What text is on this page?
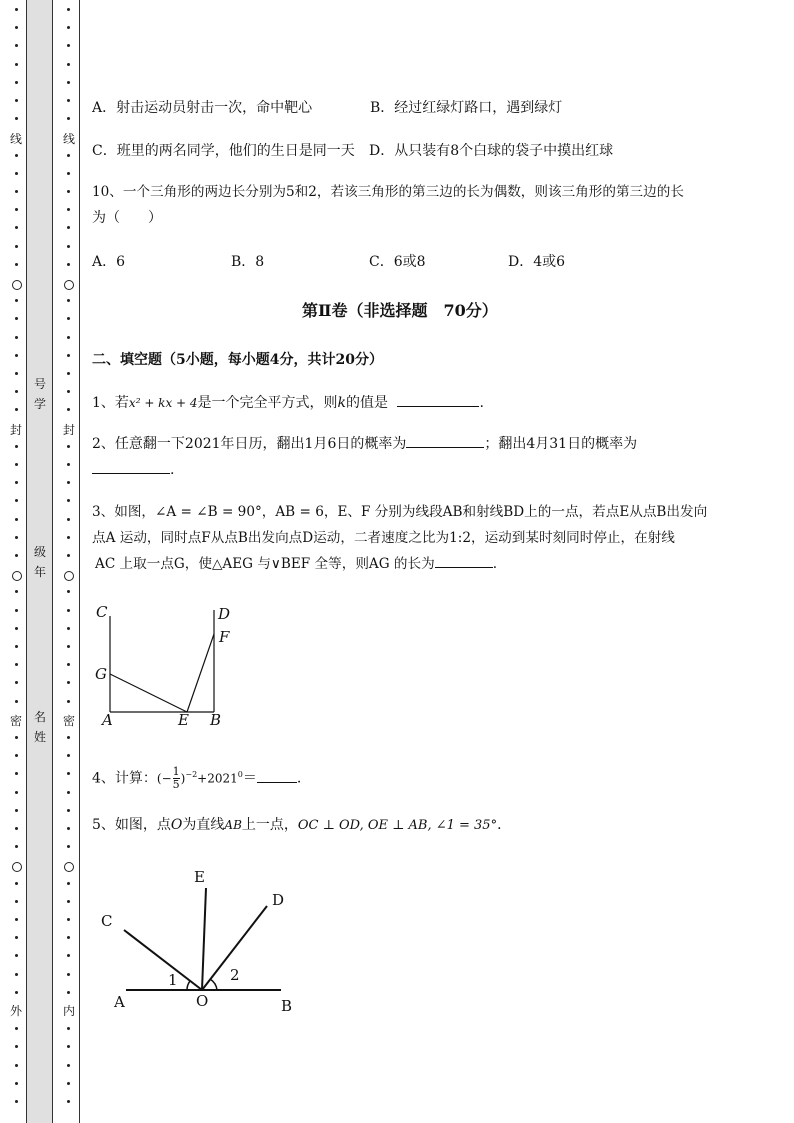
线
封
密
外
线
封
密
内
号
学
级
年
名
姓
A．射击运动员射击一次，命中靶心	B．经过红绿灯路口，遇到绿灯
C．班里的两名同学，他们的生日是同一天 D．从只装有8个白球的袋子中摸出红球
10、一个三角形的两边长分别为5和2，若该三角形的第三边的长为偶数，则该三角形的第三边的长
为（　　）
A．6	B．8	C．6或8	D．4或6
第Ⅱ卷（非选择题　70分）
二、填空题（5小题，每小题4分，共计20分）
1、若x² + kx + 4是一个完全平方式，则k的值是	.
2、任意翻一下2021年日历，翻出1月6日的概率为	；翻出4月31日的概率为
.
3、如图，∠A = ∠B = 90°，AB = 6，E、F 分别为线段AB和射线BD上的一点，若点E从点B出发向
点A 运动，同时点F从点B出发向点D运动，二者速度之比为1:2，运动到某时刻同时停止，在射线
AC 上取一点G，使△AEG 与∨BEF 全等，则AG 的长为	.
C	D
F
G
A	E B
4、计算：(− $\frac{1}{5} )^{-2}+2021^0=$	.
5、如图，点O为直线AB上一点，OC ⊥ OD, OE ⊥ AB, ∠1 = 35°．
E
C
D
1	2
A	O	B
